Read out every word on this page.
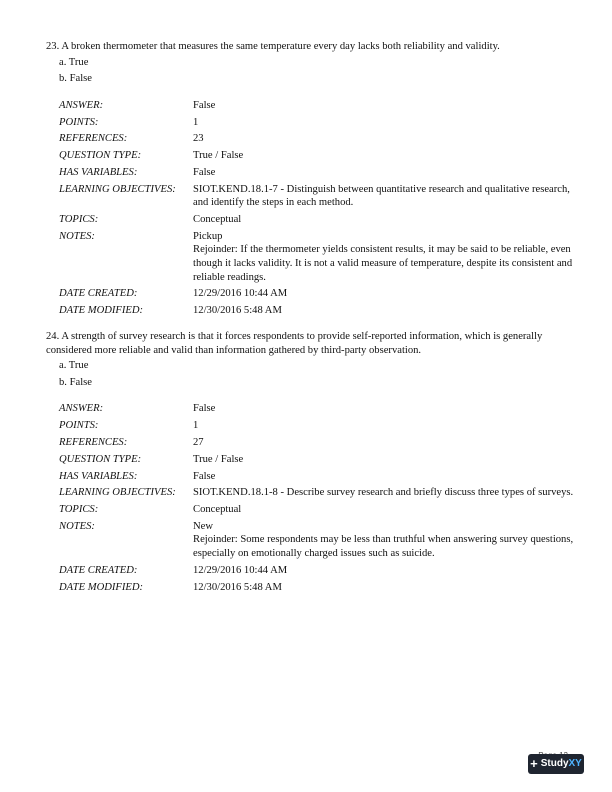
23. A broken thermometer that measures the same temperature every day lacks both reliability and validity.
a. True
b. False
ANSWER:	False
POINTS:	1
REFERENCES:	23
QUESTION TYPE:	True / False
HAS VARIABLES:	False
LEARNING OBJECTIVES:	SIOT.KEND.18.1-7 - Distinguish between quantitative research and qualitative research, and identify the steps in each method.
TOPICS:	Conceptual
NOTES:	Pickup
Rejoinder: If the thermometer yields consistent results, it may be said to be reliable, even though it lacks validity. It is not a valid measure of temperature, despite its consistent and reliable readings.
DATE CREATED:	12/29/2016 10:44 AM
DATE MODIFIED:	12/30/2016 5:48 AM
24. A strength of survey research is that it forces respondents to provide self-reported information, which is generally considered more reliable and valid than information gathered by third-party observation.
a. True
b. False
ANSWER:	False
POINTS:	1
REFERENCES:	27
QUESTION TYPE:	True / False
HAS VARIABLES:	False
LEARNING OBJECTIVES:	SIOT.KEND.18.1-8 - Describe survey research and briefly discuss three types of surveys.
TOPICS:	Conceptual
NOTES:	New
Rejoinder: Some respondents may be less than truthful when answering survey questions, especially on emotionally charged issues such as suicide.
DATE CREATED:	12/29/2016 10:44 AM
DATE MODIFIED:	12/30/2016 5:48 AM
+ StudyXY
